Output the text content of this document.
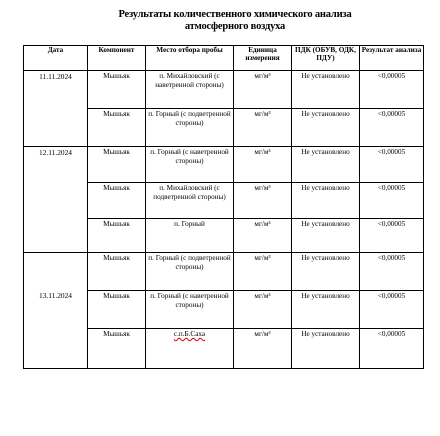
Результаты количественного химического анализа
атмосферного воздуха
Дата	Компонент	Место отбора пробы	Единица измерения	ПДК (ОБУВ, ОДК, ПДУ)	Результат анализа
11.11.2024	Мышьяк	п. Михайловский (с наветренной стороны)	мг/м³	Не установлено	<0,00005
	Мышьяк	п. Горный (с подветренной стороны)	мг/м³	Не установлено	<0,00005
12.11.2024	Мышьяк	п. Горный (с наветренной стороны)	мг/м³	Не установлено	<0,00005
	Мышьяк	п. Михайловский (с подветренной стороны)	мг/м³	Не установлено	<0,00005
	Мышьяк	п. Горный	мг/м³	Не установлено	<0,00005
13.11.2024	Мышьяк	п. Горный (с подветренной стороны)	мг/м³	Не установлено	<0,00005
	Мышьяк	п. Горный (с наветренной стороны)	мг/м³	Не установлено	<0,00005
	Мышьяк	с.п.Б.Саха	мг/м³	Не установлено	<0,00005
